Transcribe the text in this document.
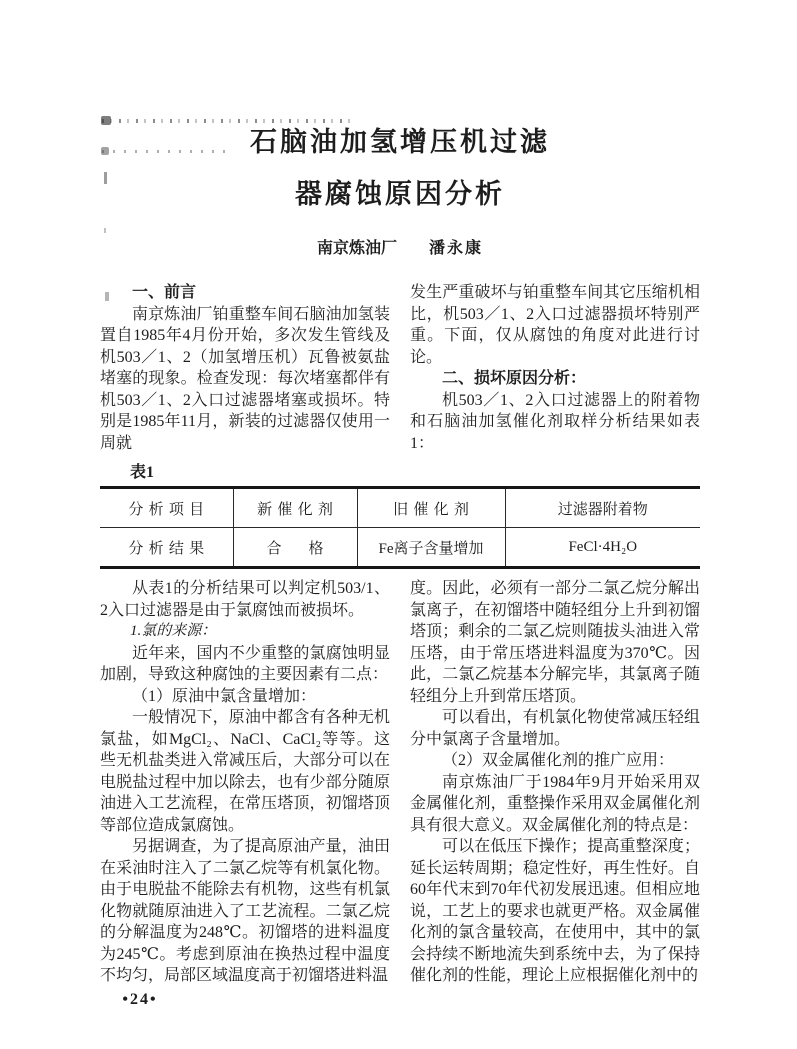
石脑油加氢增压机过滤
器腐蚀原因分析
南京炼油厂 潘永康

一、前言

南京炼油厂铂重整车间石脑油加氢装置自1985年4月份开始，多次发生管线及机503／1、2（加氢增压机）瓦鲁被氨盐堵塞的现象。检查发现：每次堵塞都伴有机503／1、2入口过滤器堵塞或损坏。特别是1985年11月，新装的过滤器仅使用一周就

发生严重破坏与铂重整车间其它压缩机相比，机503／1、2入口过滤器损坏特别严重。下面，仅从腐蚀的角度对此进行讨论。

二、损坏原因分析：

机503／1、2入口过滤器上的附着物和石脑油加氢催化剂取样分析结果如表1：

表1
分析项目	新催化剂	旧催化剂	过滤器附着物
分析结果	合格	Fe离子含量增加	FeCl·4H₂O

从表1的分析结果可以判定机503/1、2入口过滤器是由于氯腐蚀而被损坏。

1.氯的来源：

近年来，国内不少重整的氯腐蚀明显加剧，导致这种腐蚀的主要因素有二点：

（1）原油中氯含量增加：

一般情况下，原油中都含有各种无机氯盐，如MgCl₂、NaCl、CaCl₂等等。这些无机盐类进入常减压后，大部分可以在电脱盐过程中加以除去，也有少部分随原油进入工艺流程，在常压塔顶，初馏塔顶等部位造成氯腐蚀。

另据调查，为了提高原油产量，油田在采油时注入了二氯乙烷等有机氯化物。由于电脱盐不能除去有机物，这些有机氯化物就随原油进入了工艺流程。二氯乙烷的分解温度为248℃。初馏塔的进料温度为245℃。考虑到原油在换热过程中温度不均匀，局部区域温度高于初馏塔进料温

•24•

度。因此，必须有一部分二氯乙烷分解出氯离子，在初馏塔中随轻组分上升到初馏塔顶；剩余的二氯乙烷则随拔头油进入常压塔，由于常压塔进料温度为370℃。因此，二氯乙烷基本分解完毕，其氯离子随轻组分上升到常压塔顶。

可以看出，有机氯化物使常减压轻组分中氯离子含量增加。

（2）双金属催化剂的推广应用：

南京炼油厂于1984年9月开始采用双金属催化剂，重整操作采用双金属催化剂具有很大意义。双金属催化剂的特点是：

可以在低压下操作；提高重整深度；延长运转周期；稳定性好，再生性好。自60年代末到70年代初发展迅速。但相应地说，工艺上的要求也就更严格。双金属催化剂的氯含量较高，在使用中，其中的氯会持续不断地流失到系统中去，为了保持催化剂的性能，理论上应根据催化剂中的
